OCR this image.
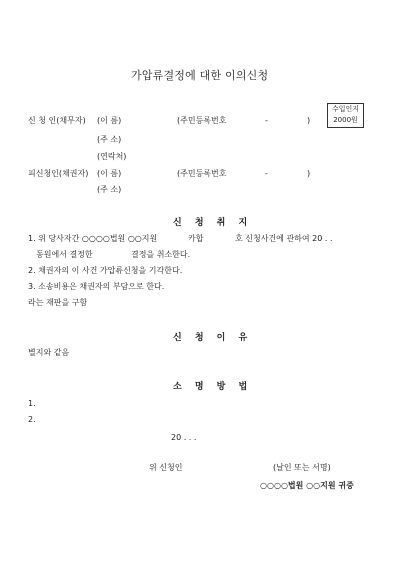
가압류결정에 대한 이의신청
수입인지
2000원
신 청 인(채무자) (이 름)	(주민등록번호	-	)
(주 소)
(연락처)
피신청인(채권자) (이 름)	(주민등록번호	-	)
(주 소)
신 청 취 지
1. 위 당사자간 ○○○○법원 ○○지원	카합	호 신청사건에 관하여 20 . .
동원에서 결정한	결정을 취소한다.
2. 채권자의 이 사건 가압류신청을 기각한다.
3. 소송비용은 채권자의 부담으로 한다.
라는 재판을 구함
신 청 이 유
별지와 같음
소 명 방 법
1.
2.
20 . . .
위 신청인	(날인 또는 서명)
○○○○법원 ○○지원 귀중
